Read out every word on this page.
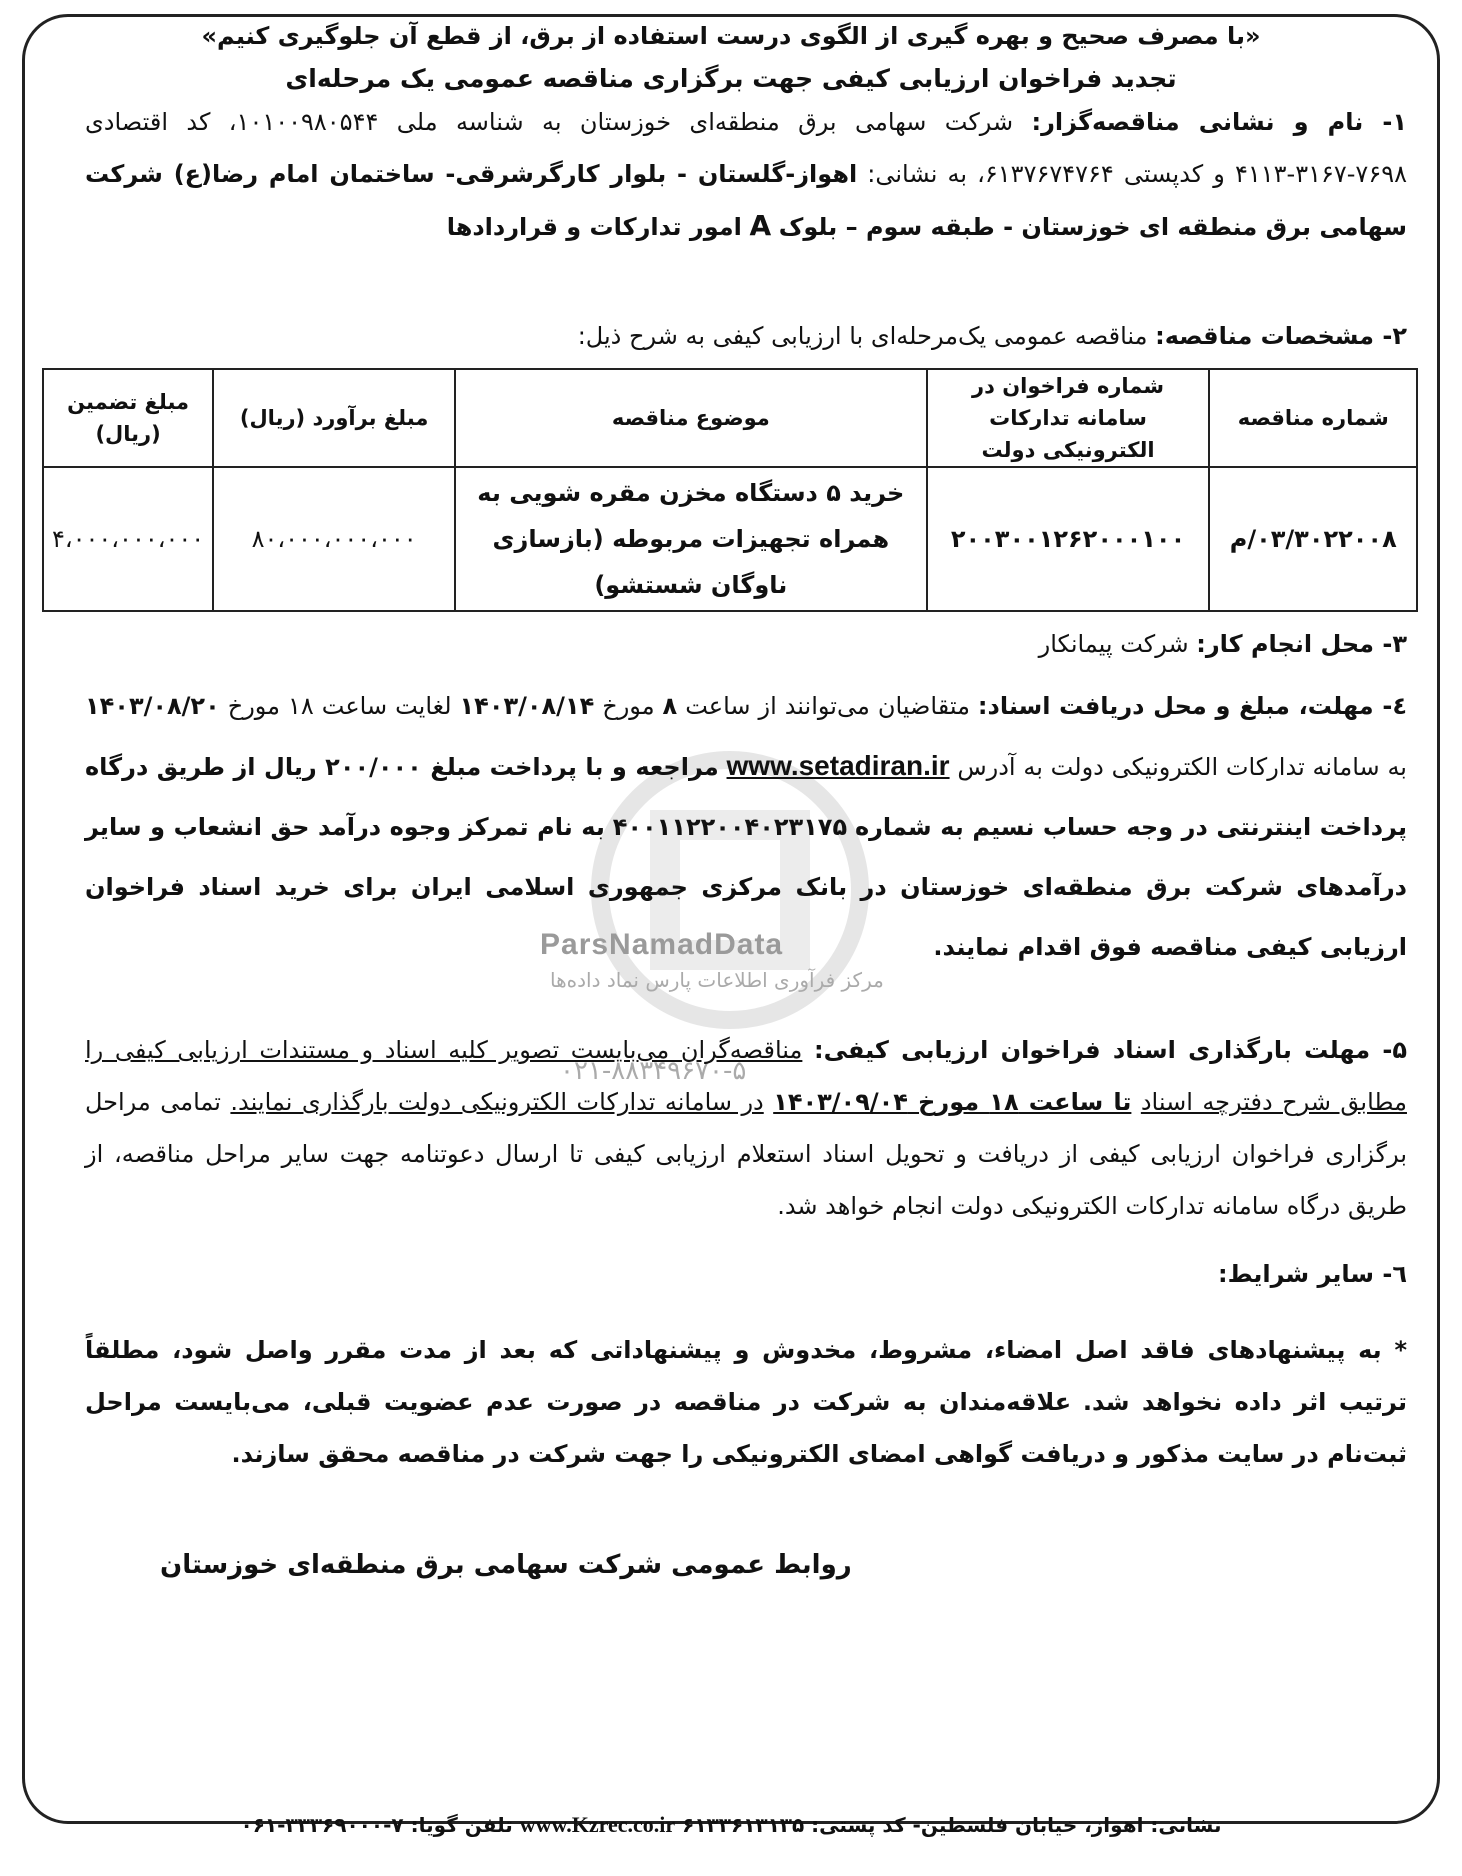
«با مصرف صحیح و بهره گیری از الگوی درست استفاده از برق، از قطع آن جلوگیری کنیم»
تجدید فراخوان ارزیابی کیفی جهت برگزاری مناقصه عمومی یک مرحله‌ای
ParsNamadData
مرکز فرآوری اطلاعات پارس نماد داده‌ها
۰۲۱-۸۸۳۴۹۶۷۰-۵
۱- نام و نشانی مناقصه‌گزار: شرکت سهامی برق منطقه‌ای خوزستان به شناسه ملی ۱۰۱۰۰۹۸۰۵۴۴، کد اقتصادی ۷۶۹۸-۳۱۶۷-۴۱۱۳ و کدپستی ۶۱۳۷۶۷۴۷۶۴، به نشانی: اهواز-گلستان - بلوار کارگرشرقی- ساختمان امام رضا(ع) شرکت سهامی برق منطقه ای خوزستان - طبقه سوم – بلوک A امور تدارکات و قراردادها
۲- مشخصات مناقصه: مناقصه عمومی یک‌مرحله‌ای با ارزیابی کیفی به شرح ذیل:
شماره مناقصه	شماره فراخوان در سامانه تدارکات الکترونیکی دولت	موضوع مناقصه	مبلغ برآورد (ریال)	مبلغ تضمین (ریال)
۰۳/۳۰۲۲۰۰۸/م	۲۰۰۳۰۰۱۲۶۲۰۰۰۱۰۰	خرید ۵ دستگاه مخزن مقره شویی به همراه تجهیزات مربوطه (بازسازی ناوگان شستشو)	۸۰،۰۰۰،۰۰۰،۰۰۰	۴،۰۰۰،۰۰۰،۰۰۰
۳- محل انجام کار: شرکت پیمانکار
٤- مهلت، مبلغ و محل دریافت اسناد: متقاضیان می‌توانند از ساعت ۸ مورخ ۱۴۰۳/۰۸/۱۴ لغایت ساعت ۱۸ مورخ ۱۴۰۳/۰۸/۲۰ به سامانه تدارکات الکترونیکی دولت به آدرس www.setadiran.ir مراجعه و با پرداخت مبلغ ۲۰۰/۰۰۰ ریال از طریق درگاه پرداخت اینترنتی در وجه حساب نسیم به شماره ۴۰۰۱۱۲۲۰۰۴۰۲۳۱۷۵ به نام تمرکز وجوه درآمد حق انشعاب و سایر درآمدهای شرکت برق منطقه‌ای خوزستان در بانک مرکزی جمهوری اسلامی ایران برای خرید اسناد فراخوان ارزیابی کیفی مناقصه فوق اقدام نمایند.
۵- مهلت بارگذاری اسناد فراخوان ارزیابی کیفی: مناقصه‌گران می‌بایست تصویر کلیه اسناد و مستندات ارزیابی کیفی را مطابق شرح دفترچه اسناد تا ساعت ۱۸ مورخ ۱۴۰۳/۰۹/۰۴ در سامانه تدارکات الکترونیکی دولت بارگذاری نمایند. تمامی مراحل برگزاری فراخوان ارزیابی کیفی از دریافت و تحویل اسناد استعلام ارزیابی کیفی تا ارسال دعوتنامه جهت سایر مراحل مناقصه، از طریق درگاه سامانه تدارکات الکترونیکی دولت انجام خواهد شد.
٦- سایر شرایط:
* به پیشنهادهای فاقد اصل امضاء، مشروط، مخدوش و پیشنهاداتی که بعد از مدت مقرر واصل شود، مطلقاً ترتیب اثر داده نخواهد شد. علاقه‌مندان به شرکت در مناقصه در صورت عدم عضویت قبلی، می‌بایست مراحل ثبت‌نام در سایت مذکور و دریافت گواهی امضای الکترونیکی را جهت شرکت در مناقصه محقق سازند.
روابط عمومی شرکت سهامی برق منطقه‌ای خوزستان
نشانی: اهواز، خیابان فلسطین- کد پستی: ۶۱۳۳۶۱۳۱۳۵ www.Kzrec.co.ir تلفن گویا: ۷-۳۳۳۶۹۰۰۰-۰۶۱
